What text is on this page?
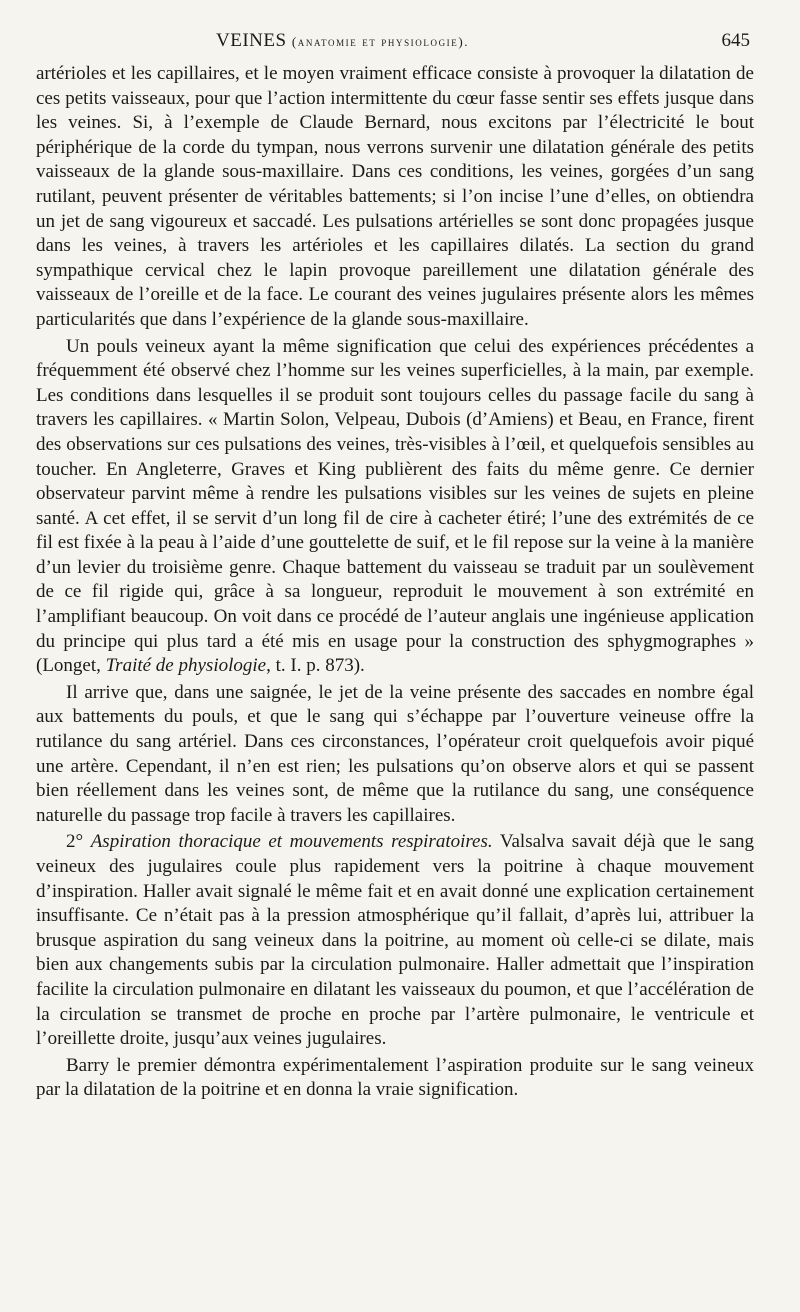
VEINES (anatomie et physiologie).	645

artérioles et les capillaires, et le moyen vraiment efficace consiste à provoquer la dilatation de ces petits vaisseaux, pour que l’action intermittente du cœur fasse sentir ses effets jusque dans les veines. Si, à l’exemple de Claude Bernard, nous excitons par l’électricité le bout périphérique de la corde du tympan, nous verrons survenir une dilatation générale des petits vaisseaux de la glande sous-maxillaire. Dans ces conditions, les veines, gorgées d’un sang rutilant, peuvent présenter de véritables battements; si l’on incise l’une d’elles, on obtiendra un jet de sang vigoureux et saccadé. Les pulsations artérielles se sont donc propagées jusque dans les veines, à travers les artérioles et les capillaires dilatés. La section du grand sympathique cervical chez le lapin provoque pareillement une dilatation générale des vaisseaux de l’oreille et de la face. Le courant des veines jugulaires présente alors les mêmes particularités que dans l’expérience de la glande sous-maxillaire.

Un pouls veineux ayant la même signification que celui des expériences précédentes a fréquemment été observé chez l’homme sur les veines superficielles, à la main, par exemple. Les conditions dans lesquelles il se produit sont toujours celles du passage facile du sang à travers les capillaires. « Martin Solon, Velpeau, Dubois (d’Amiens) et Beau, en France, firent des observations sur ces pulsations des veines, très-visibles à l’œil, et quelquefois sensibles au toucher. En Angleterre, Graves et King publièrent des faits du même genre. Ce dernier observateur parvint même à rendre les pulsations visibles sur les veines de sujets en pleine santé. A cet effet, il se servit d’un long fil de cire à cacheter étiré; l’une des extrémités de ce fil est fixée à la peau à l’aide d’une gouttelette de suif, et le fil repose sur la veine à la manière d’un levier du troisième genre. Chaque battement du vaisseau se traduit par un soulèvement de ce fil rigide qui, grâce à sa longueur, reproduit le mouvement à son extrémité en l’amplifiant beaucoup. On voit dans ce procédé de l’auteur anglais une ingénieuse application du principe qui plus tard a été mis en usage pour la construction des sphygmographes » (Longet, Traité de physiologie, t. I. p. 873).

Il arrive que, dans une saignée, le jet de la veine présente des saccades en nombre égal aux battements du pouls, et que le sang qui s’échappe par l’ouverture veineuse offre la rutilance du sang artériel. Dans ces circonstances, l’opérateur croit quelquefois avoir piqué une artère. Cependant, il n’en est rien; les pulsations qu’on observe alors et qui se passent bien réellement dans les veines sont, de même que la rutilance du sang, une conséquence naturelle du passage trop facile à travers les capillaires.

2° Aspiration thoracique et mouvements respiratoires. Valsalva savait déjà que le sang veineux des jugulaires coule plus rapidement vers la poitrine à chaque mouvement d’inspiration. Haller avait signalé le même fait et en avait donné une explication certainement insuffisante. Ce n’était pas à la pression atmosphérique qu’il fallait, d’après lui, attribuer la brusque aspiration du sang veineux dans la poitrine, au moment où celle-ci se dilate, mais bien aux changements subis par la circulation pulmonaire. Haller admettait que l’inspiration facilite la circulation pulmonaire en dilatant les vaisseaux du poumon, et que l’accélération de la circulation se transmet de proche en proche par l’artère pulmonaire, le ventricule et l’oreillette droite, jusqu’aux veines jugulaires.

Barry le premier démontra expérimentalement l’aspiration produite sur le sang veineux par la dilatation de la poitrine et en donna la vraie signification.
